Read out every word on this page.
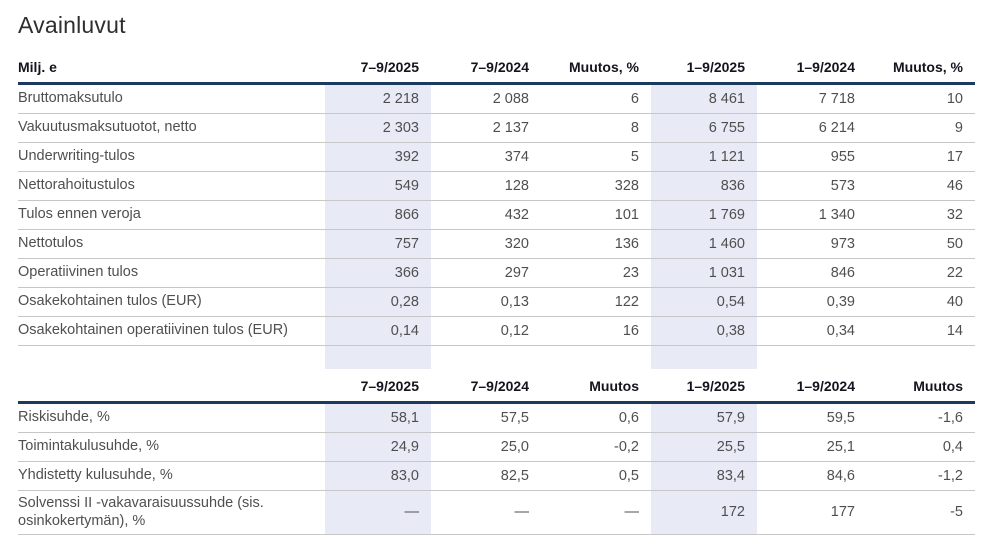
Avainluvut
Milj. e	7–9/2025	7–9/2024	Muutos, %	1–9/2025	1–9/2024	Muutos, %
Bruttomaksutulo	2 218	2 088	6	8 461	7 718	10
Vakuutusmaksutuotot, netto	2 303	2 137	8	6 755	6 214	9
Underwriting-tulos	392	374	5	1 121	955	17
Nettorahoitustulos	549	128	328	836	573	46
Tulos ennen veroja	866	432	101	1 769	1 340	32
Nettotulos	757	320	136	1 460	973	50
Operatiivinen tulos	366	297	23	1 031	846	22
Osakekohtainen tulos (EUR)	0,28	0,13	122	0,54	0,39	40
Osakekohtainen operatiivinen tulos (EUR)	0,14	0,12	16	0,38	0,34	14

	7–9/2025	7–9/2024	Muutos	1–9/2025	1–9/2024	Muutos
Riskisuhde, %	58,1	57,5	0,6	57,9	59,5	-1,6
Toimintakulusuhde, %	24,9	25,0	-0,2	25,5	25,1	0,4
Yhdistetty kulusuhde, %	83,0	82,5	0,5	83,4	84,6	-1,2
Solvenssi II -vakavaraisuussuhde (sis. osinkokertymän), %	—	—	—	172	177	-5
